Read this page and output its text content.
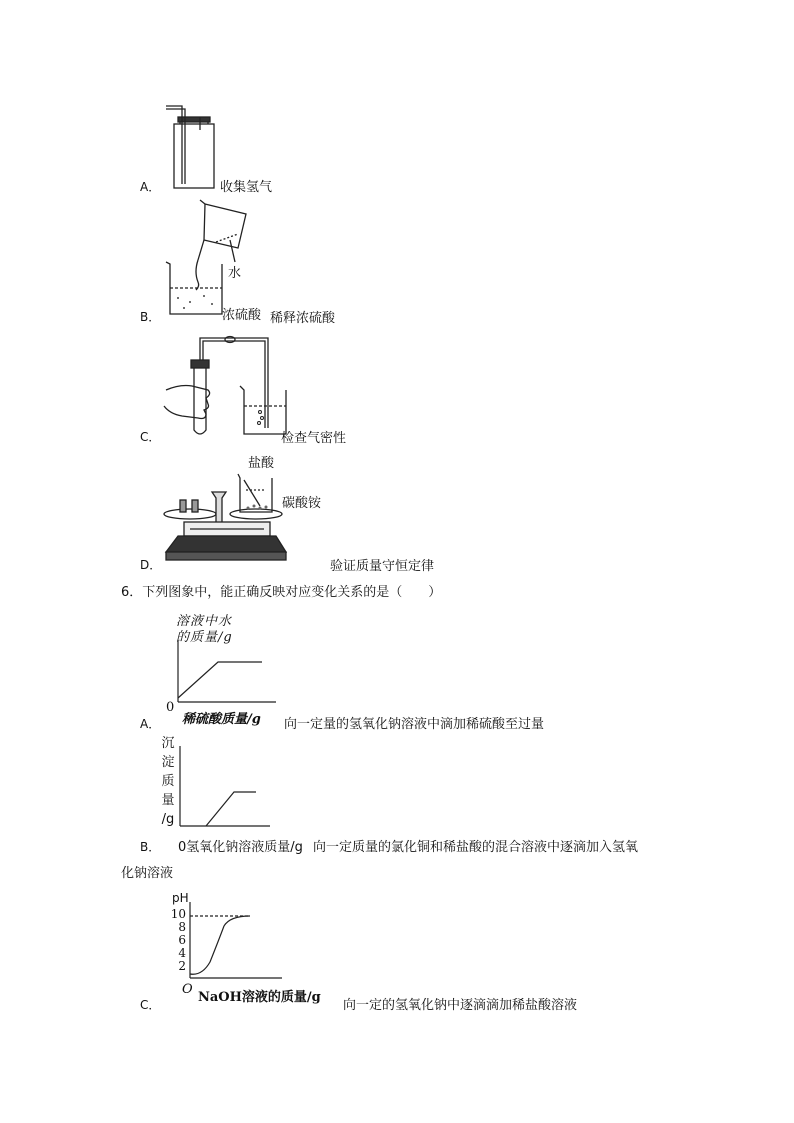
A．	收集氢气
B．
水
浓硫酸 稀释浓硫酸
C．	检查气密性
盐酸
碳酸铵
D．	验证质量守恒定律
6．下列图象中，能正确反映对应变化关系的是（　　）
溶液中水
的质量/g
0
A． 稀硫酸质量/g 向一定量的氢氧化钠溶液中滴加稀硫酸至过量
沉
淀
质
量
/g
B． 0氢氧化钠溶液质量/g 向一定质量的氯化铜和稀盐酸的混合溶液中逐滴加入氢氧
化钠溶液
pH
10
8
6
4
2
O
NaOH溶液的质量/g
C．	向一定的氢氧化钠中逐滴滴加稀盐酸溶液
